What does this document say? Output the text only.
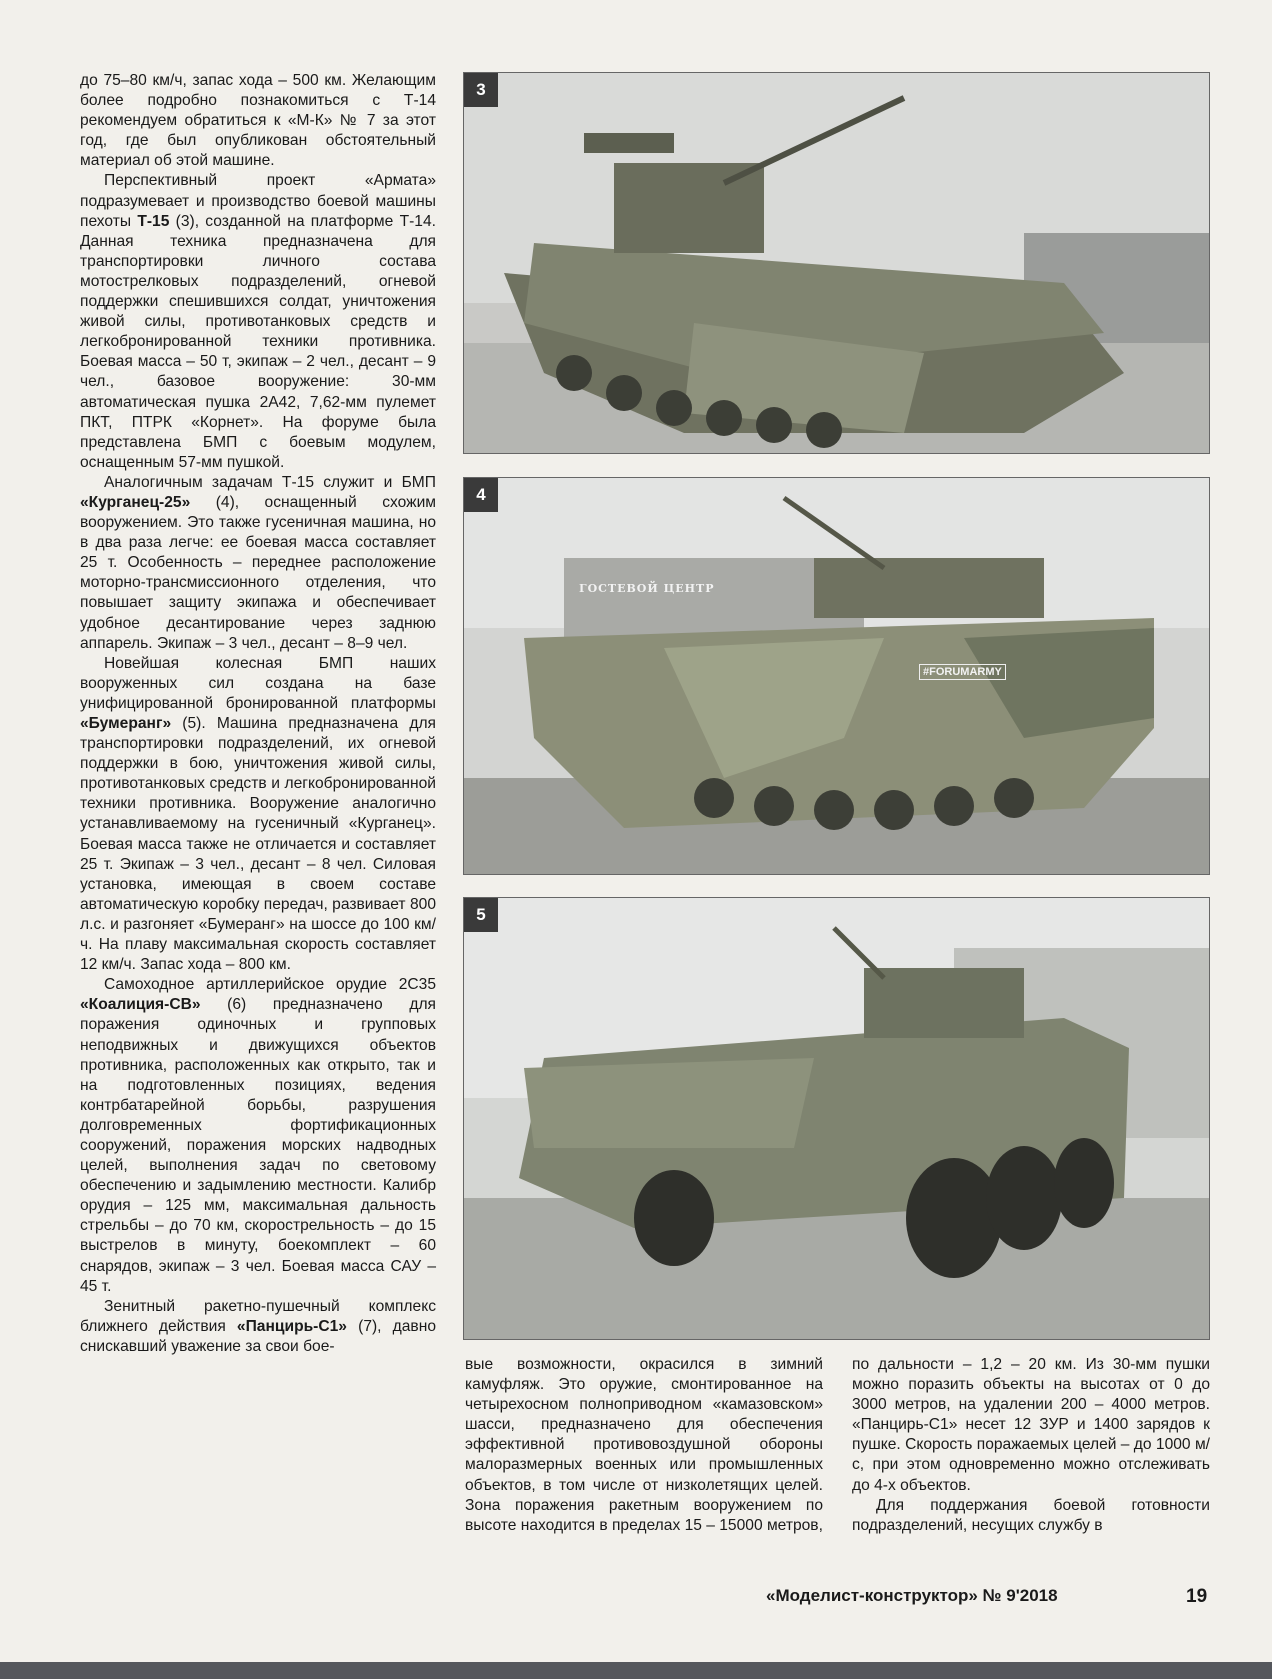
до 75–80 км/ч, запас хода – 500 км. Желающим более подробно познакомиться с Т-14 рекомендуем обратиться к «М-К» № 7 за этот год, где был опубликован обстоятельный материал об этой машине.

Перспективный проект «Армата» подразумевает и производство боевой машины пехоты Т-15 (3), созданной на платформе Т-14. Данная техника предназначена для транспортировки личного состава мотострелковых подразделений, огневой поддержки спешившихся солдат, уничтожения живой силы, противотанковых средств и легкобронированной техники противника. Боевая масса – 50 т, экипаж – 2 чел., десант – 9 чел., базовое вооружение: 30-мм автоматическая пушка 2А42, 7,62-мм пулемет ПКТ, ПТРК «Корнет». На форуме была представлена БМП с боевым модулем, оснащенным 57-мм пушкой.

Аналогичным задачам Т-15 служит и БМП «Курганец-25» (4), оснащенный схожим вооружением. Это также гусеничная машина, но в два раза легче: ее боевая масса составляет 25 т. Особенность – переднее расположение моторно-трансмиссионного отделения, что повышает защиту экипажа и обеспечивает удобное десантирование через заднюю аппарель. Экипаж – 3 чел., десант – 8–9 чел.

Новейшая колесная БМП наших вооруженных сил создана на базе унифицированной бронированной платформы «Бумеранг» (5). Машина предназначена для транспортировки подразделений, их огневой поддержки в бою, уничтожения живой силы, противотанковых средств и легкобронированной техники противника. Вооружение аналогично устанавливаемому на гусеничный «Курганец». Боевая масса также не отличается и составляет 25 т. Экипаж – 3 чел., десант – 8 чел. Силовая установка, имеющая в своем составе автоматическую коробку передач, развивает 800 л.с. и разгоняет «Бумеранг» на шоссе до 100 км/ч. На плаву максимальная скорость составляет 12 км/ч. Запас хода – 800 км.

Самоходное артиллерийское орудие 2С35 «Коалиция-СВ» (6) предназначено для поражения одиночных и групповых неподвижных и движущихся объектов противника, расположенных как открыто, так и на подготовленных позициях, ведения контрбатарейной борьбы, разрушения долговременных фортификационных сооружений, поражения морских надводных целей, выполнения задач по световому обеспечению и задымлению местности. Калибр орудия – 125 мм, максимальная дальность стрельбы – до 70 км, скорострельность – до 15 выстрелов в минуту, боекомплект – 60 снарядов, экипаж – 3 чел. Боевая масса САУ – 45 т.

Зенитный ракетно-пушечный комплекс ближнего действия «Панцирь-С1» (7), давно снискавший уважение за свои бое-

3
ГОСТЕВОЙ ЦЕНТР
#FORUMARMY
4
5

вые возможности, окрасился в зимний камуфляж. Это оружие, смонтированное на четырехосном полноприводном «камазовском» шасси, предназначено для обеспечения эффективной противовоздушной обороны малоразмерных военных или промышленных объектов, в том числе от низколетящих целей. Зона поражения ракетным вооружением по высоте находится в пределах 15 – 15000 метров,

по дальности – 1,2 – 20 км. Из 30-мм пушки можно поразить объекты на высотах от 0 до 3000 метров, на удалении 200 – 4000 метров. «Панцирь-С1» несет 12 ЗУР и 1400 зарядов к пушке. Скорость поражаемых целей – до 1000 м/с, при этом одновременно можно отслеживать до 4-х объектов.

Для поддержания боевой готовности подразделений, несущих службу в

«Моделист-конструктор» № 9'2018	19
